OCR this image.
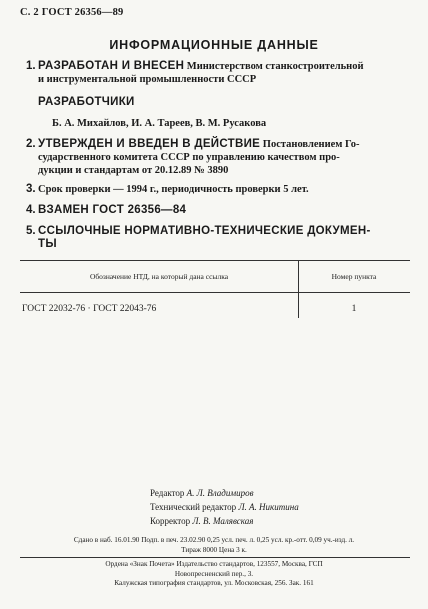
С. 2 ГОСТ 26356—89
ИНФОРМАЦИОННЫЕ ДАННЫЕ
1. РАЗРАБОТАН И ВНЕСЕН Министерством станкостроительной
и инструментальной промышленности СССР
РАЗРАБОТЧИКИ
Б. А. Михайлов, И. А. Тареев, В. М. Русакова
2. УТВЕРЖДЕН И ВВЕДЕН В ДЕЙСТВИЕ Постановлением Го-
сударственного комитета СССР по управлению качеством про-
дукции и стандартам от 20.12.89 № 3890
3. Срок проверки — 1994 г., периодичность проверки 5 лет.
4. ВЗАМЕН ГОСТ 26356—84
5. ССЫЛОЧНЫЕ НОРМАТИВНО-ТЕХНИЧЕСКИЕ ДОКУМЕН-
ТЫ
Обозначение НТД, на который дана ссылка	Номер пункта
ГОСТ 22032-76 · ГОСТ 22043-76	1
Редактор А. Л. Владимиров
Технический редактор Л. А. Никитина
Корректор Л. В. Малявская
Сдано в наб. 16.01.90 Подп. в печ. 23.02.90 0,25 усл. печ. л. 0,25 усл. кр.-отт. 0,09 уч.-изд. л.
Тираж 8000 Цена 3 к.
Ордена «Знак Почета» Издательство стандартов, 123557, Москва, ГСП
Новопресненский пер., 3.
Калужская типография стандартов, ул. Московская, 256. Зак. 161
